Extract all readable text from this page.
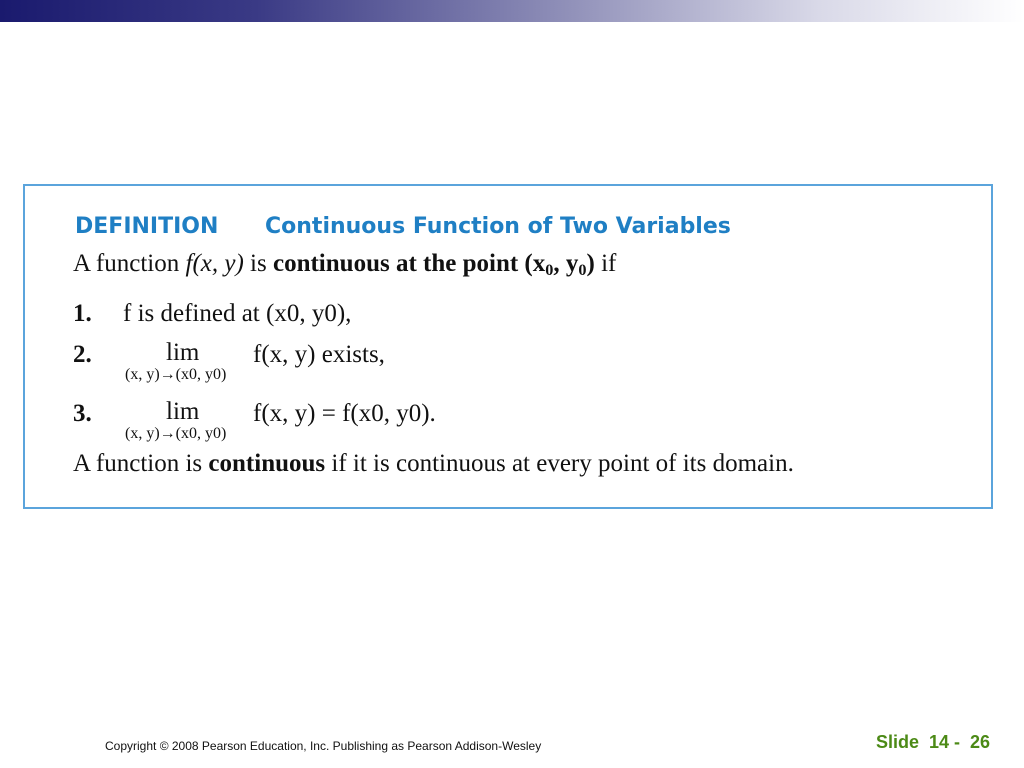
DEFINITION Continuous Function of Two Variables
A function f(x, y) is continuous at the point ($x_0$, $y_0$) if
1. f is defined at (x0, y0),
2.	lim
(x, y)→(x0, y0)
f(x, y) exists,
3.	lim
(x, y)→(x0, y0)
f(x, y) = f(x0, y0).
A function is continuous if it is continuous at every point of its domain.
Copyright © 2008 Pearson Education, Inc. Publishing as Pearson Addison-Wesley	Slide  14 -  26
